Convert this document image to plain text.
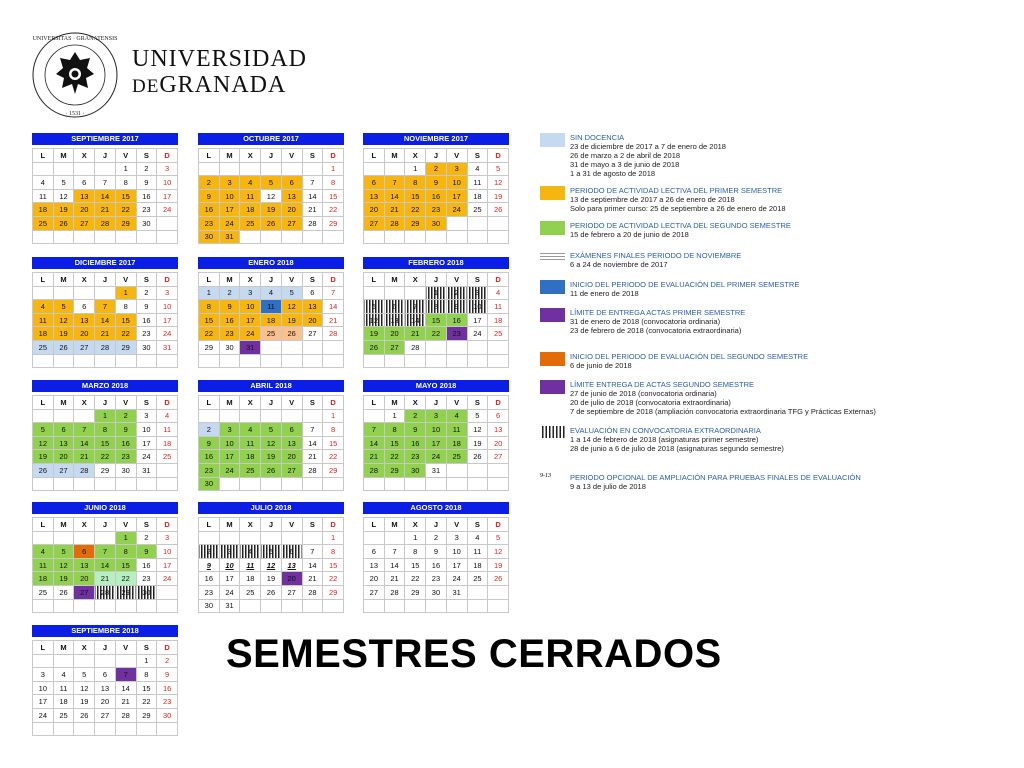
UNIVERSITAS · GRANATENSIS
· 1531 ·
UNIVERSIDAD
DEGRANADA
SEPTIEMBRE 2017
L	M	X	J	V	S	D
				1	2	3
4	5	6	7	8	9	10
11	12	13	14	15	16	17
18	19	20	21	22	23	24
25	26	27	28	29	30	

OCTUBRE 2017
L	M	X	J	V	S	D
						1
2	3	4	5	6	7	8
9	10	11	12	13	14	15
16	17	18	19	20	21	22
23	24	25	26	27	28	29
30	31					
NOVIEMBRE 2017
L	M	X	J	V	S	D
		1	2	3	4	5
6	7	8	9	10	11	12
13	14	15	16	17	18	19
20	21	22	23	24	25	26
27	28	29	30			

DICIEMBRE 2017
L	M	X	J	V	S	D
				1	2	3
4	5	6	7	8	9	10
11	12	13	14	15	16	17
18	19	20	21	22	23	24
25	26	27	28	29	30	31

ENERO 2018
L	M	X	J	V	S	D
1	2	3	4	5	6	7
8	9	10	11	12	13	14
15	16	17	18	19	20	21
22	23	24	25	26	27	28
29	30	31				

FEBRERO 2018
L	M	X	J	V	S	D
			1	2	3	4
5	6	7	8	9	10	11
12	13	14	15	16	17	18
19	20	21	22	23	24	25
26	27	28				

MARZO 2018
L	M	X	J	V	S	D
			1	2	3	4
5	6	7	8	9	10	11
12	13	14	15	16	17	18
19	20	21	22	23	24	25
26	27	28	29	30	31	

ABRIL 2018
L	M	X	J	V	S	D
						1
2	3	4	5	6	7	8
9	10	11	12	13	14	15
16	17	18	19	20	21	22
23	24	25	26	27	28	29
30						
MAYO 2018
L	M	X	J	V	S	D
	1	2	3	4	5	6
7	8	9	10	11	12	13
14	15	16	17	18	19	20
21	22	23	24	25	26	27
28	29	30	31			

JUNIO 2018
L	M	X	J	V	S	D
				1	2	3
4	5	6	7	8	9	10
11	12	13	14	15	16	17
18	19	20	21	22	23	24
25	26	27	28	29	30	

JULIO 2018
L	M	X	J	V	S	D
						1
2	3	4	5	6	7	8
9	10	11	12	13	14	15
16	17	18	19	20	21	22
23	24	25	26	27	28	29
30	31					
AGOSTO 2018
L	M	X	J	V	S	D
		1	2	3	4	5
6	7	8	9	10	11	12
13	14	15	16	17	18	19
20	21	22	23	24	25	26
27	28	29	30	31		

SEPTIEMBRE 2018
L	M	X	J	V	S	D
					1	2
3	4	5	6	7	8	9
10	11	12	13	14	15	16
17	18	19	20	21	22	23
24	25	26	27	28	29	30

SIN DOCENCIA
23 de diciembre de 2017 a 7 de enero de 2018
26 de marzo a 2 de abril de 2018
31 de mayo a 3 de junio de 2018
1 a 31 de agosto de 2018
PERIODO DE ACTIVIDAD LECTIVA DEL PRIMER SEMESTRE
13 de septiembre de 2017 a 26 de enero de 2018
Solo para primer curso: 25 de septiembre a 26 de enero de 2018
PERIODO DE ACTIVIDAD LECTIVA DEL SEGUNDO SEMESTRE
15 de febrero a 20 de junio de 2018
EXÁMENES FINALES PERIODO DE NOVIEMBRE
6 a 24 de noviembre de 2017
INICIO DEL PERIODO DE EVALUACIÓN DEL PRIMER SEMESTRE
11 de enero de 2018
LÍMITE DE ENTREGA ACTAS PRIMER SEMESTRE
31 de enero de 2018 (convocatoria ordinaria)
23 de febrero de 2018 (convocatoria extraordinaria)
INICIO DEL PERIODO DE EVALUACIÓN DEL SEGUNDO SEMESTRE
6 de junio de 2018
LÍMITE ENTREGA DE ACTAS SEGUNDO SEMESTRE
27 de junio de 2018 (convocatoria ordinaria)
20 de julio de 2018 (convocatoria extraordinaria)
7 de septiembre de 2018 (ampliación convocatoria extraordinaria TFG y Prácticas Externas)
EVALUACIÓN EN CONVOCATORIA EXTRAORDINARIA
1 a 14 de febrero de 2018 (asignaturas primer semestre)
28 de junio a 6 de julio de 2018 (asignaturas segundo semestre)
9-13	PERIODO OPCIONAL DE AMPLIACIÓN PARA PRUEBAS FINALES DE EVALUACIÓN
9 a 13 de julio de 2018
SEMESTRES CERRADOS
